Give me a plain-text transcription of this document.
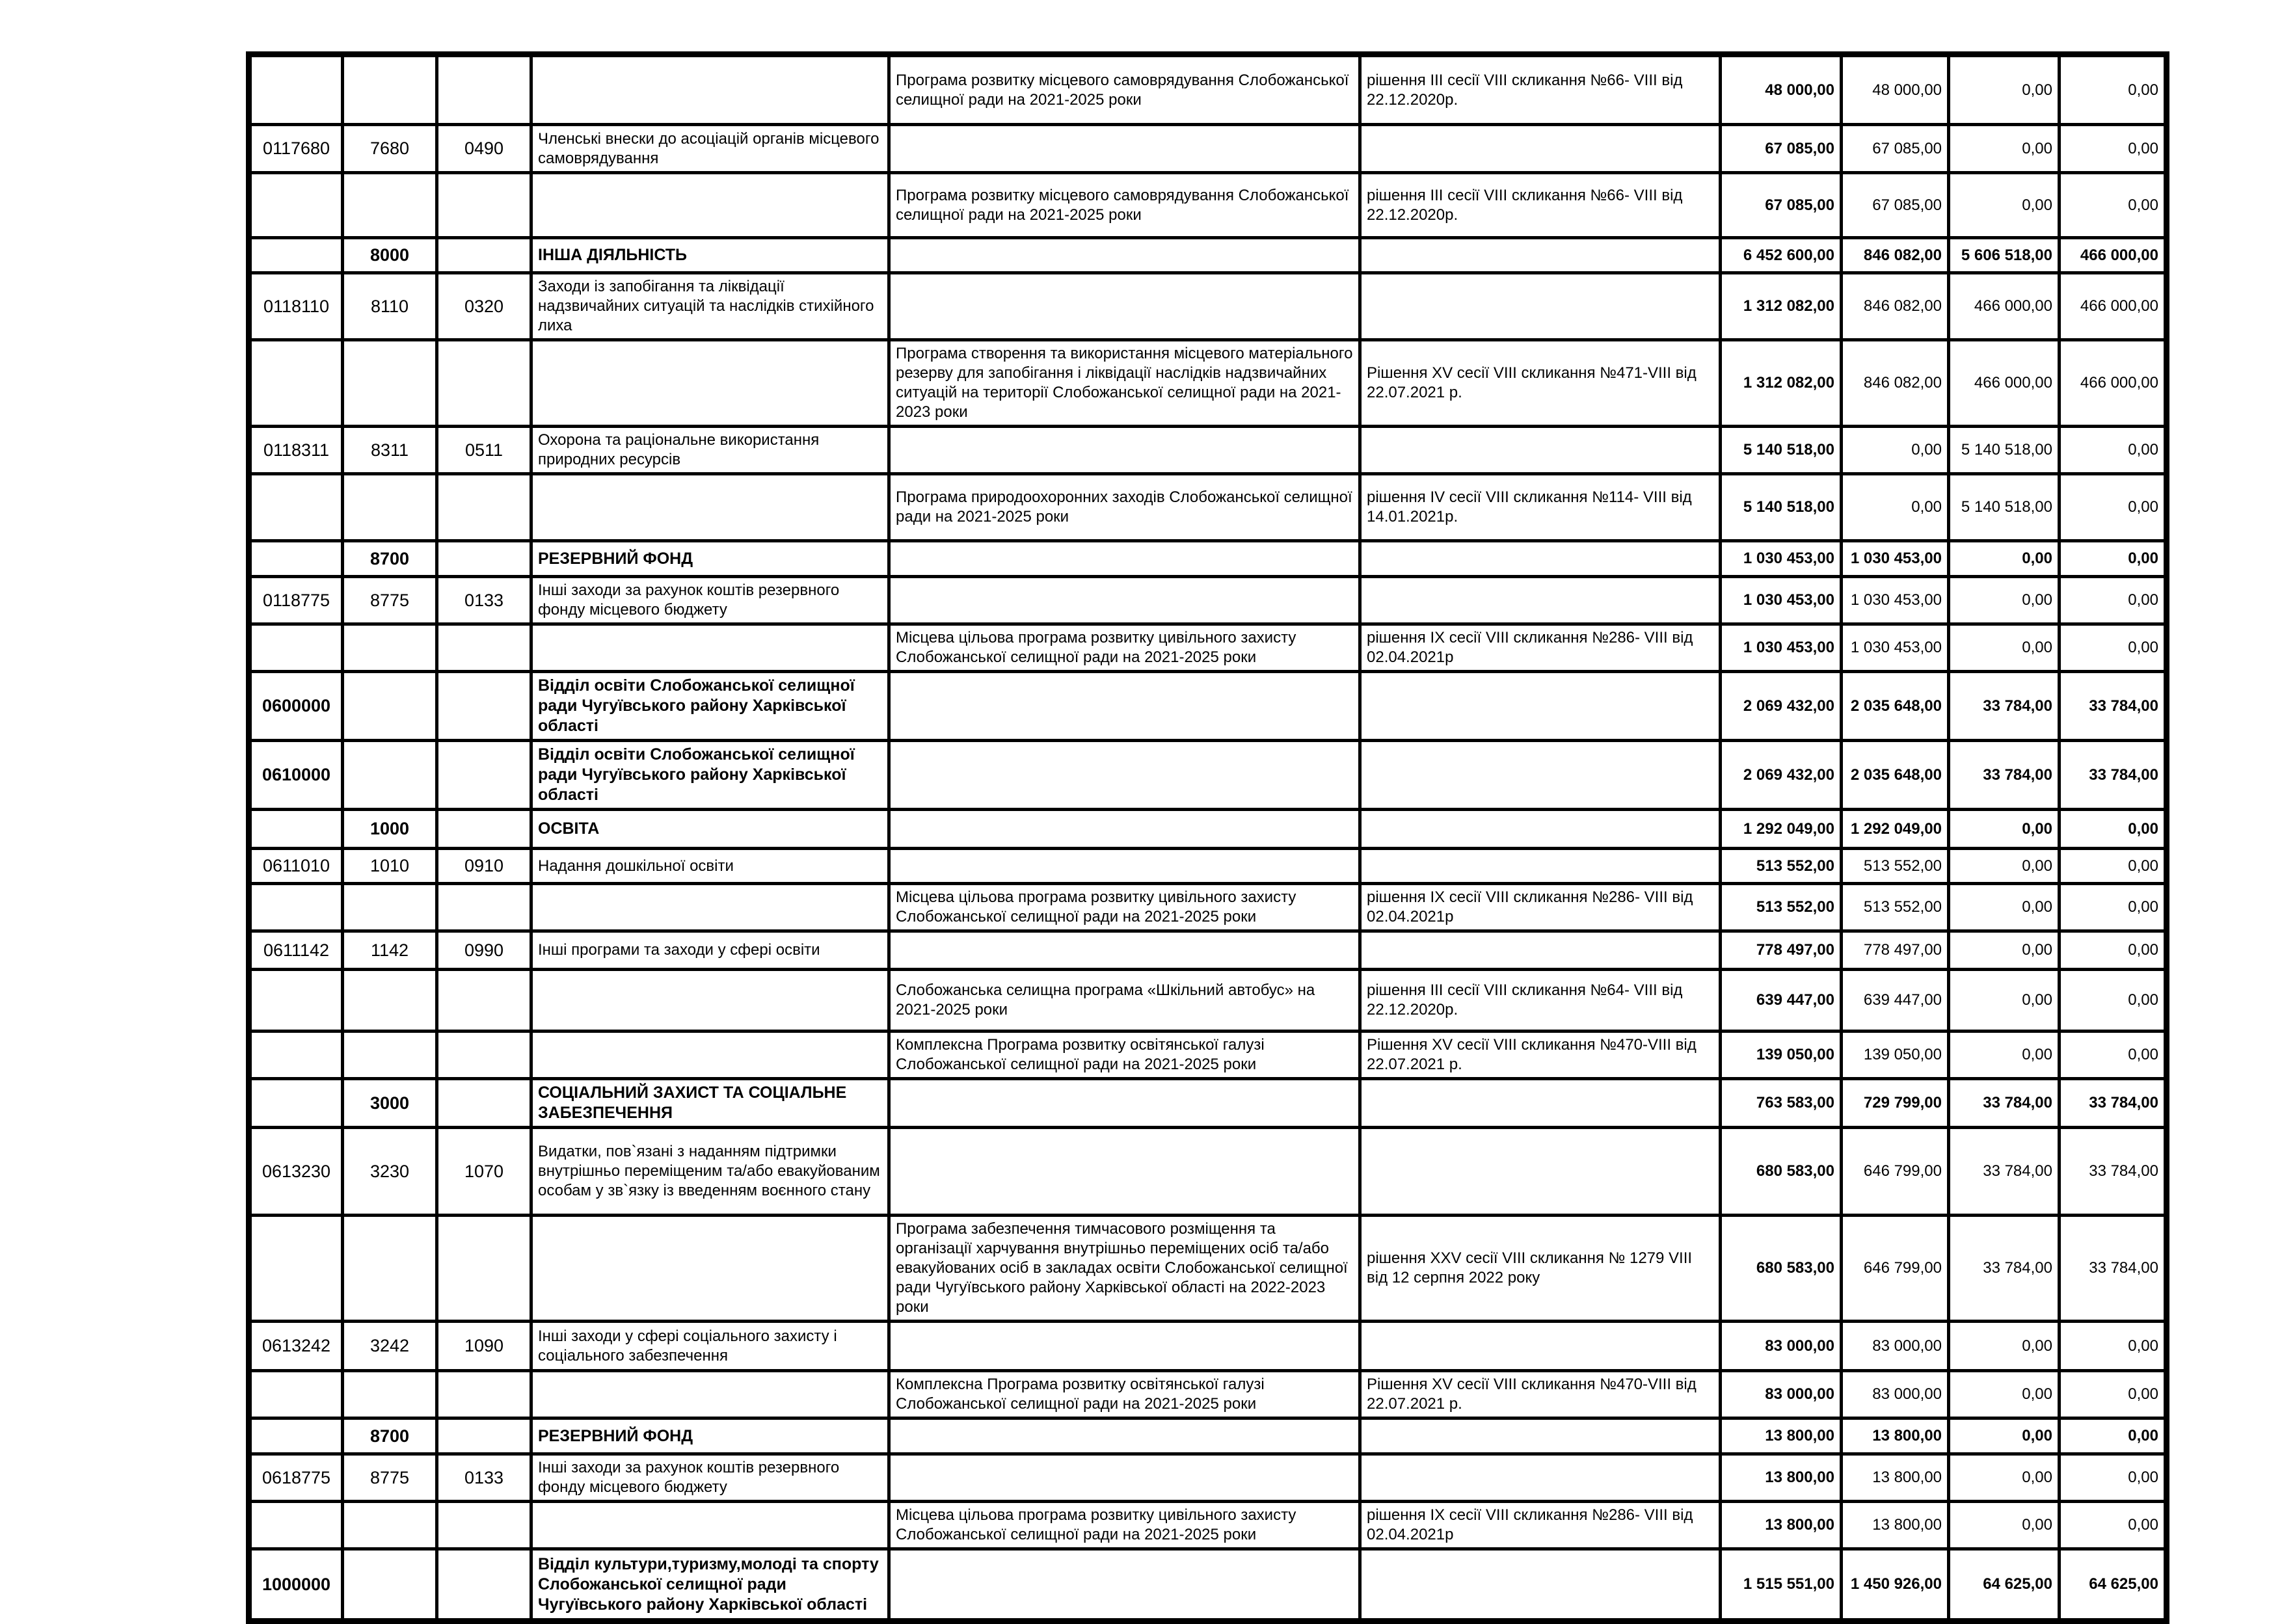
				Програма розвитку місцевого самоврядування Слобожанської селищної ради на 2021-2025 роки	рішення III сесії VIII скликання №66- VIII від 22.12.2020р.	48 000,00	48 000,00	0,00	0,00
0117680	7680	0490	Членські внески до асоціацій органів місцевого самоврядування			67 085,00	67 085,00	0,00	0,00
				Програма розвитку місцевого самоврядування Слобожанської селищної ради на 2021-2025 роки	рішення III сесії VIII скликання №66- VIII від 22.12.2020р.	67 085,00	67 085,00	0,00	0,00
	8000		ІНША ДІЯЛЬНІСТЬ			6 452 600,00	846 082,00	5 606 518,00	466 000,00
0118110	8110	0320	Заходи із запобігання та ліквідації надзвичайних ситуацій та наслідків стихійного лиха			1 312 082,00	846 082,00	466 000,00	466 000,00
				Програма створення та використання місцевого матеріального резерву для запобігання і ліквідації наслідків надзвичайних ситуацій на території Слобожанської селищної ради на 2021-2023 роки	Рішення XV сесії VIII скликання №471-VIII від 22.07.2021 р.	1 312 082,00	846 082,00	466 000,00	466 000,00
0118311	8311	0511	Охорона та раціональне використання природних ресурсів			5 140 518,00	0,00	5 140 518,00	0,00
				Програма природоохоронних заходів Слобожанської селищної ради на 2021-2025 роки	рішення IV сесії VIII скликання №114- VIII від 14.01.2021р.	5 140 518,00	0,00	5 140 518,00	0,00
	8700		РЕЗЕРВНИЙ ФОНД			1 030 453,00	1 030 453,00	0,00	0,00
0118775	8775	0133	Інші заходи за рахунок коштів резервного фонду місцевого бюджету			1 030 453,00	1 030 453,00	0,00	0,00
				Місцева цільова програма розвитку цивільного захисту Слобожанської селищної ради на 2021-2025 роки	рішення IX сесії VIII скликання №286- VIII від 02.04.2021р	1 030 453,00	1 030 453,00	0,00	0,00
0600000			Відділ освіти Слобожанської селищної ради Чугуївського району Харківської області			2 069 432,00	2 035 648,00	33 784,00	33 784,00
0610000			Відділ освіти Слобожанської селищної ради Чугуївського району Харківської області			2 069 432,00	2 035 648,00	33 784,00	33 784,00
	1000		ОСВІТА			1 292 049,00	1 292 049,00	0,00	0,00
0611010	1010	0910	Надання дошкільної освіти			513 552,00	513 552,00	0,00	0,00
				Місцева цільова програма розвитку цивільного захисту Слобожанської селищної ради на 2021-2025 роки	рішення IX сесії VIII скликання №286- VIII від 02.04.2021р	513 552,00	513 552,00	0,00	0,00
0611142	1142	0990	Інші програми та заходи у сфері освіти			778 497,00	778 497,00	0,00	0,00
				Слобожанська селищна програма «Шкільний автобус» на 2021-2025 роки	рішення III сесії VIII скликання №64- VIII від 22.12.2020р.	639 447,00	639 447,00	0,00	0,00
				Комплексна Програма розвитку освітянської галузі Слобожанської селищної ради на 2021-2025 роки	Рішення XV сесії VIII скликання №470-VIII від 22.07.2021 р.	139 050,00	139 050,00	0,00	0,00
	3000		СОЦІАЛЬНИЙ ЗАХИСТ ТА СОЦІАЛЬНЕ ЗАБЕЗПЕЧЕННЯ			763 583,00	729 799,00	33 784,00	33 784,00
0613230	3230	1070	Видатки, пов`язані з наданням підтримки внутрішньо переміщеним та/або евакуйованим особам у зв`язку із введенням воєнного стану			680 583,00	646 799,00	33 784,00	33 784,00
				Програма забезпечення тимчасового розміщення та організації харчування внутрішньо переміщених осіб та/або евакуйованих осіб в закладах освіти Слобожанської селищної ради Чугуївського району Харківської області на 2022-2023 роки	рішення XXV сесії VIII скликання № 1279 VIII від 12 серпня 2022 року	680 583,00	646 799,00	33 784,00	33 784,00
0613242	3242	1090	Інші заходи у сфері соціального захисту і соціального забезпечення			83 000,00	83 000,00	0,00	0,00
				Комплексна Програма розвитку освітянської галузі Слобожанської селищної ради на 2021-2025 роки	Рішення XV сесії VIII скликання №470-VIII від 22.07.2021 р.	83 000,00	83 000,00	0,00	0,00
	8700		РЕЗЕРВНИЙ ФОНД			13 800,00	13 800,00	0,00	0,00
0618775	8775	0133	Інші заходи за рахунок коштів резервного фонду місцевого бюджету			13 800,00	13 800,00	0,00	0,00
				Місцева цільова програма розвитку цивільного захисту Слобожанської селищної ради на 2021-2025 роки	рішення IX сесії VIII скликання №286- VIII від 02.04.2021р	13 800,00	13 800,00	0,00	0,00
1000000			Відділ культури,туризму,молоді та спорту Слобожанської селищної ради Чугуївського району Харківської області			1 515 551,00	1 450 926,00	64 625,00	64 625,00
